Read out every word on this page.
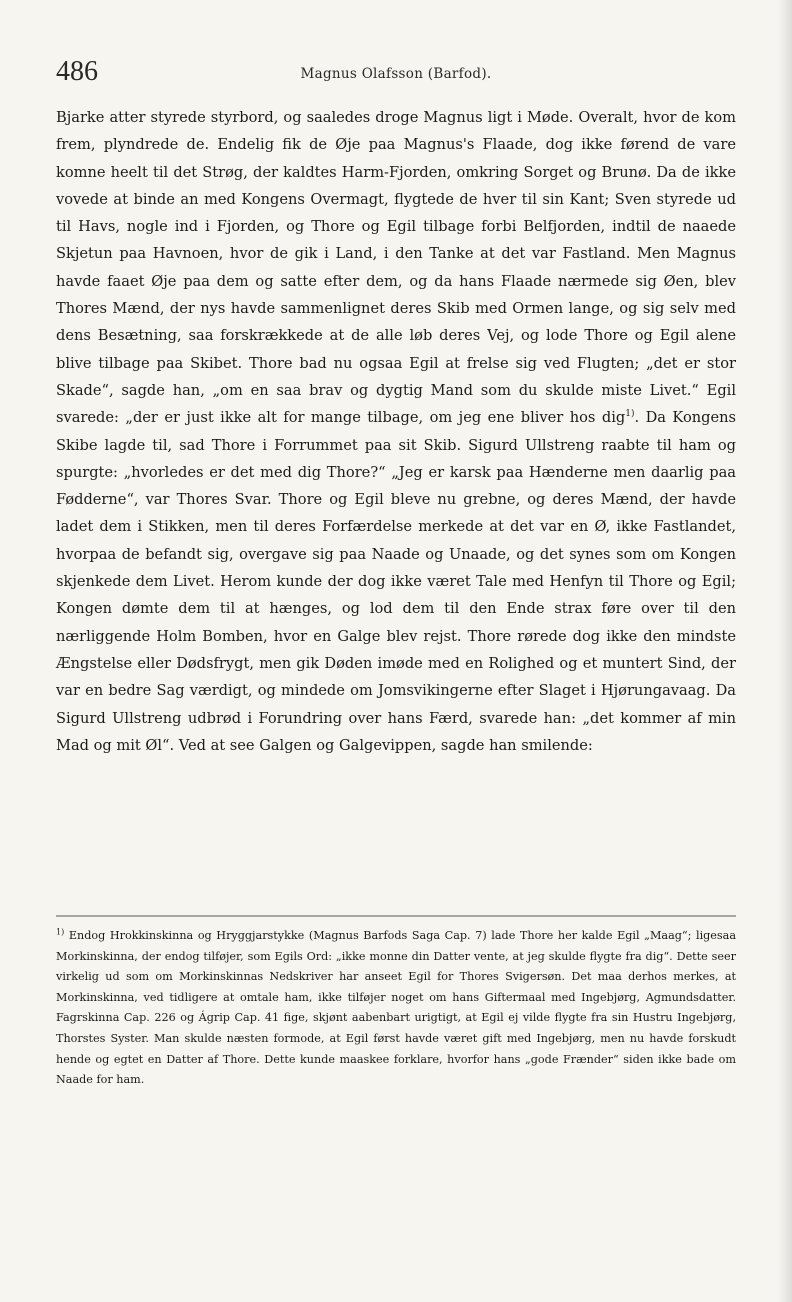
486	Magnus Olafsson (Barfod).

Bjarke atter styrede styrbord, og saaledes droge Magnus ligt i Møde. Overalt, hvor de kom frem, plyndrede de. Endelig fik de Øje paa Magnus's Flaade, dog ikke førend de vare komne heelt til det Strøg, der kaldtes Harm-Fjorden, omkring Sorget og Brunø. Da de ikke vovede at binde an med Kongens Overmagt, flygtede de hver til sin Kant; Sven styrede ud til Havs, nogle ind i Fjorden, og Thore og Egil tilbage forbi Belfjorden, indtil de naaede Skjetun paa Havnoen, hvor de gik i Land, i den Tanke at det var Fastland. Men Magnus havde faaet Øje paa dem og satte efter dem, og da hans Flaade nærmede sig Øen, blev Thores Mænd, der nys havde sammenlignet deres Skib med Ormen lange, og sig selv med dens Besætning, saa forskrækkede at de alle løb deres Vej, og lode Thore og Egil alene blive tilbage paa Skibet. Thore bad nu ogsaa Egil at frelse sig ved Flugten; „det er stor Skade“, sagde han, „om en saa brav og dygtig Mand som du skulde miste Livet.“ Egil svarede: „der er just ikke alt for mange tilbage, om jeg ene bliver hos dig$^{1)}$. Da Kongens Skibe lagde til, sad Thore i Forrummet paa sit Skib. Sigurd Ullstreng raabte til ham og spurgte: „hvorledes er det med dig Thore?“ „Jeg er karsk paa Hænderne men daarlig paa Fødderne“, var Thores Svar. Thore og Egil bleve nu grebne, og deres Mænd, der havde ladet dem i Stikken, men til deres Forfærdelse merkede at det var en Ø, ikke Fastlandet, hvorpaa de befandt sig, overgave sig paa Naade og Unaade, og det synes som om Kongen skjenkede dem Livet. Herom kunde der dog ikke været Tale med Henfyn til Thore og Egil; Kongen dømte dem til at hænges, og lod dem til den Ende strax føre over til den nærliggende Holm Bomben, hvor en Galge blev rejst. Thore rørede dog ikke den mindste Ængstelse eller Dødsfrygt, men gik Døden imøde med en Rolighed og et muntert Sind, der var en bedre Sag værdigt, og mindede om Jomsvikingerne efter Slaget i Hjørungavaag. Da Sigurd Ullstreng udbrød i Forundring over hans Færd, svarede han: „det kommer af min Mad og mit Øl“. Ved at see Galgen og Galgevippen, sagde han smilende:

$^{1)}$ Endog Hrokkinskinna og Hryggjarstykke (Magnus Barfods Saga Cap. 7) lade Thore her kalde Egil „Maag“; ligesaa Morkinskinna, der endog tilføjer, som Egils Ord: „ikke monne din Datter vente, at jeg skulde flygte fra dig“. Dette seer virkelig ud som om Morkinskinnas Nedskriver har anseet Egil for Thores Svigersøn. Det maa derhos merkes, at Morkinskinna, ved tidligere at omtale ham, ikke tilføjer noget om hans Giftermaal med Ingebjørg, Agmundsdatter. Fagrskinna Cap. 226 og Ágrip Cap. 41 fige, skjønt aabenbart urigtigt, at Egil ej vilde flygte fra sin Hustru Ingebjørg, Thorstes Syster. Man skulde næsten formode, at Egil først havde været gift med Ingebjørg, men nu havde forskudt hende og egtet en Datter af Thore. Dette kunde maaskee forklare, hvorfor hans „gode Frænder“ siden ikke bade om Naade for ham.
